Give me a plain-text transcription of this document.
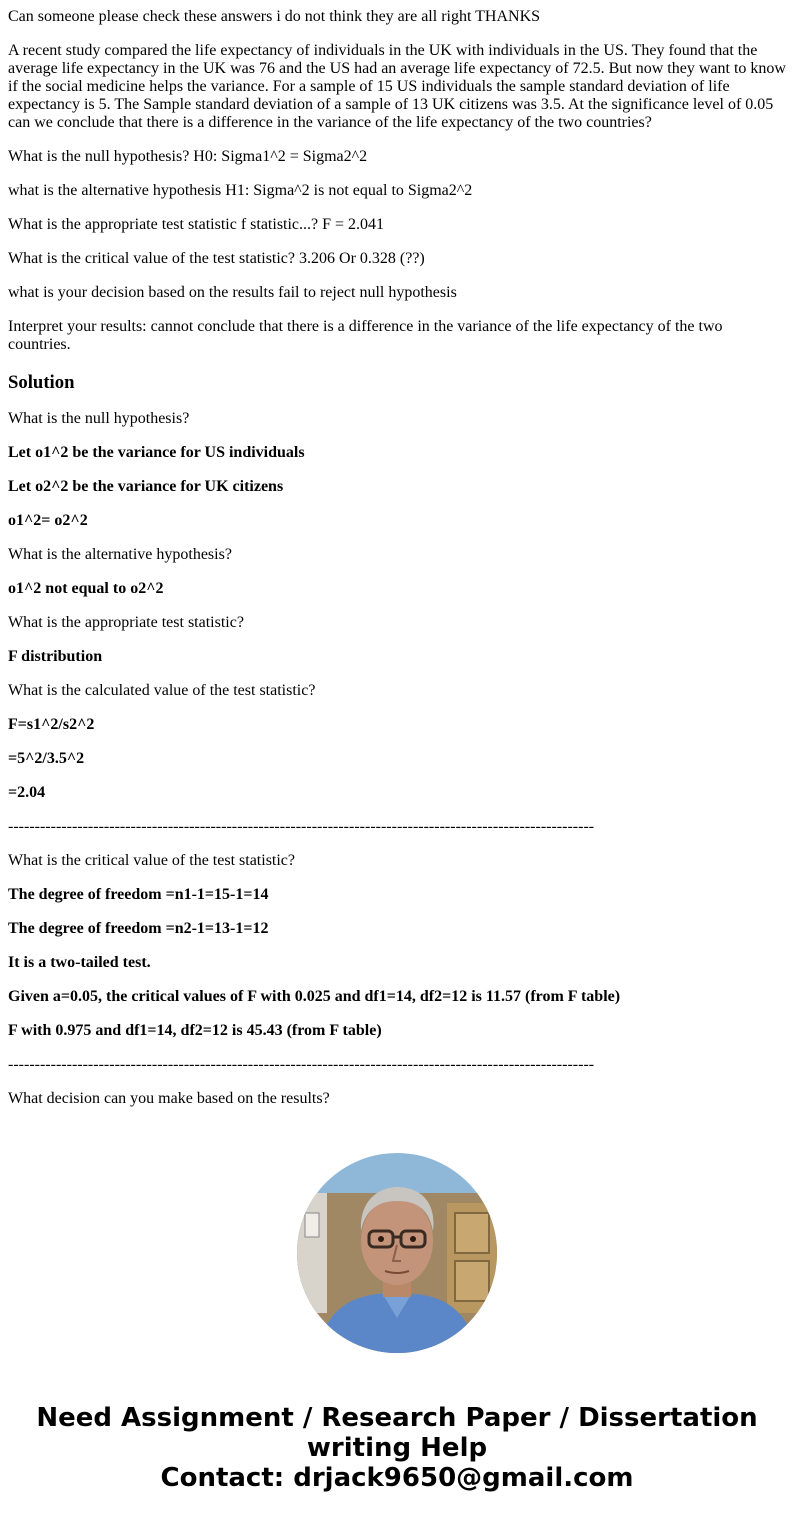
Can someone please check these answers i do not think they are all right THANKS

A recent study compared the life expectancy of individuals in the UK with individuals in the US. They found that the average life expectancy in the UK was 76 and the US had an average life expectancy of 72.5. But now they want to know if the social medicine helps the variance. For a sample of 15 US individuals the sample standard deviation of life expectancy is 5. The Sample standard deviation of a sample of 13 UK citizens was 3.5. At the significance level of 0.05 can we conclude that there is a difference in the variance of the life expectancy of the two countries?

What is the null hypothesis? H0: Sigma1^2 = Sigma2^2

what is the alternative hypothesis H1: Sigma^2 is not equal to Sigma2^2

What is the appropriate test statistic f statistic...? F = 2.041

What is the critical value of the test statistic? 3.206 Or 0.328 (??)

what is your decision based on the results fail to reject null hypothesis

Interpret your results: cannot conclude that there is a difference in the variance of the life expectancy of the two countries.

Solution

What is the null hypothesis?

Let o1^2 be the variance for US individuals

Let o2^2 be the variance for UK citizens

o1^2= o2^2

What is the alternative hypothesis?

o1^2 not equal to o2^2

What is the appropriate test statistic?

F distribution

What is the calculated value of the test statistic?

F=s1^2/s2^2

=5^2/3.5^2

=2.04

--------------------------------------------------------------------------------------------------------------

What is the critical value of the test statistic?

The degree of freedom =n1-1=15-1=14

The degree of freedom =n2-1=13-1=12

It is a two-tailed test.

Given a=0.05, the critical values of F with 0.025 and df1=14, df2=12 is 11.57 (from F table)

F with 0.975 and df1=14, df2=12 is 45.43 (from F table)

--------------------------------------------------------------------------------------------------------------

What decision can you make based on the results?

Need Assignment / Research Paper / Dissertation
writing Help
Contact: drjack9650@gmail.com
